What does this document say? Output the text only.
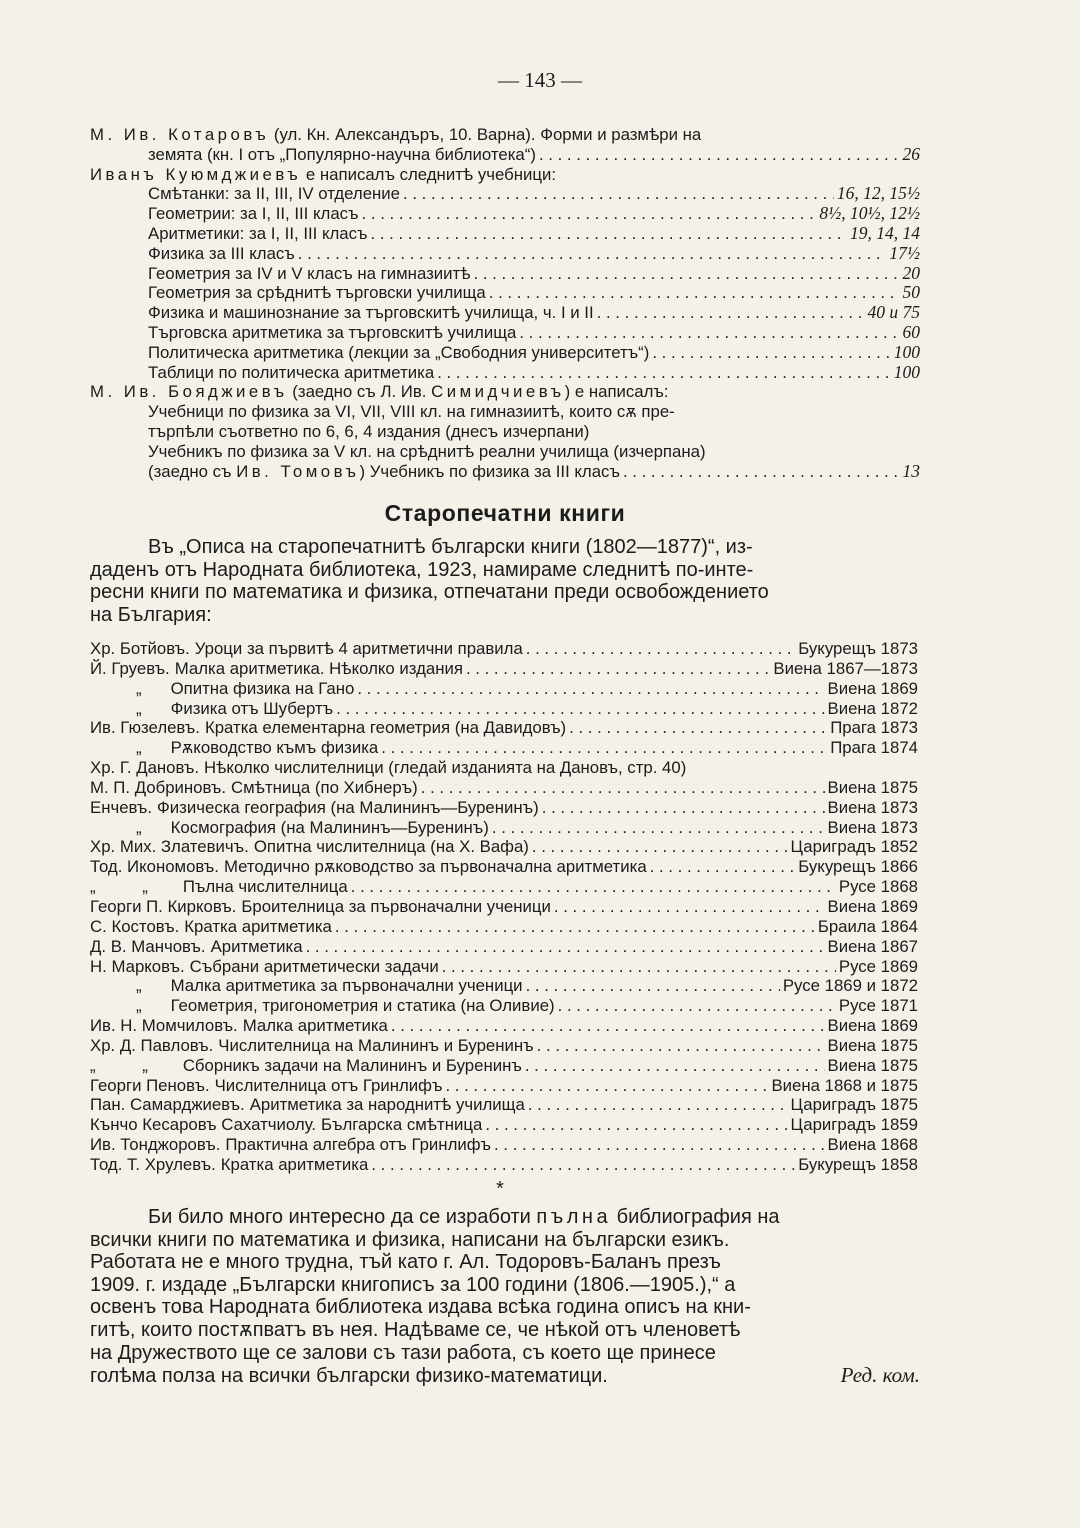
— 143 —
М. Ив. Котаровъ
(ул. Кн. Александъръ, 10. Варна). Форми и размѣри на
земята (кн. I отъ „Популярно-научна библиотека“) . . .	26
Иванъ Куюмджиевъ
е написалъ следнитѣ учебници:
Смѣтанки: за II, III, IV отделение . . .	16, 12, 15½
Геометрии: за I, II, III класъ . . .	8½, 10½, 12½
Аритметики: за I, II, III класъ . . .	19, 14, 14
Физика за III класъ . . .	17½
Геометрия за IV и V класъ на гимназиитѣ . . .	20
Геометрия за срѣднитѣ търговски училища . . .	50
Физика и машинознание за търговскитѣ училища, ч. I и II . . .	40 и 75
Търговска аритметика за търговскитѣ училища . . .	60
Политическа аритметика (лекции за „Свободния университетъ“) . . .	100
Таблици по политическа аритметика . . .	100
М. Ив. Бояджиевъ
(заедно съ Л. Ив.
Симидчиевъ ) е написалъ:
Учебници по физика за VI, VII, VIII кл. на гимназиитѣ, които сѫ пре-
търпѣли съответно по 6, 6, 4 издания (днесъ изчерпани)
Учебникъ по физика за V кл. на срѣднитѣ реални училища (изчерпана)
(заедно съ
Ив. Томовъ ) Учебникъ по физика за III класъ . . .	13
Старопечатни книги
Въ „Описа на старопечатнитѣ български книги (1802—1877)“, из-
даденъ отъ Народната библиотека, 1923, намираме следнитѣ по-инте-
ресни книги по математика и физика, отпечатани преди освобождението
на България:
Хр. Ботйовъ. Уроци за първитѣ 4 аритметични правила . . .	Букурещъ 1873
Й. Груевъ. Малка аритметика. Нѣколко издания . . .	Виена 1867—1873
„ Опитна физика на Гано . . .	Виена 1869
„ Физика отъ Шубертъ . . .	Виена 1872
Ив. Гюзелевъ. Кратка елементарна геометрия (на Давидовъ) . . .	Прага 1873
„ Рѫководство къмъ физика . . .	Прага 1874
Хр. Г. Дановъ. Нѣколко числителници (гледай изданията на Дановъ, стр. 40)
М. П. Добриновъ. Смѣтница (по Хибнеръ) . . .	Виена 1875
Енчевъ. Физическа география (на Малининъ—Буренинъ) . . .	Виена 1873
„ Космография (на Малининъ—Буренинъ) . . .	Виена 1873
Хр. Мих. Златевичъ. Опитна числителница (на Х. Вафа) . . .	Цариградъ 1852
Тод. Икономовъ. Методично рѫководство за първоначална аритметика . . .	Букурещъ 1866
„          „ Пълна числителница . . .	Русе 1868
Георги П. Кирковъ. Броителница за първоначални ученици . . .	Виена 1869
С. Костовъ. Кратка аритметика . . .	Браила 1864
Д. В. Манчовъ. Аритметика . . .	Виена 1867
Н. Марковъ. Събрани аритметически задачи . . .	Русе 1869
„ Малка аритметика за първоначални ученици . . .	Русе 1869 и 1872
„ Геометрия, тригонометрия и статика (на Оливие) . . .	Русе 1871
Ив. Н. Момчиловъ. Малка аритметика . . .	Виена 1869
Хр. Д. Павловъ. Числителница на Малининъ и Буренинъ . . .	Виена 1875
„          „ Сборникъ задачи на Малининъ и Буренинъ . . .	Виена 1875
Георги Пеновъ. Числителница отъ Гринлифъ . . .	Виена 1868 и 1875
Пан. Самарджиевъ. Аритметика за народнитѣ училища . . .	Цариградъ 1875
Кънчо Кесаровъ Сахатчиолу. Българска смѣтница . . .	Цариградъ 1859
Ив. Тонджоровъ. Практична алгебра отъ Гринлифъ . . .	Виена 1868
Тод. Т. Хрулевъ. Кратка аритметика . . .	Букурещъ 1858
*
Би било много интересно да се изработи пълна библиография на
всички книги по математика и физика, написани на български езикъ.
Работата не е много трудна, тъй като г. Ал. Тодоровъ-Баланъ презъ
1909. г. издаде „Български книгописъ за 100 години (1806.—1905.),“ а
освенъ това Народната библиотека издава всѣка година описъ на кни-
гитѣ, които постѫпватъ въ нея. Надѣваме се, че нѣкой отъ членоветѣ
на Дружеството ще се залови съ тази работа, съ което ще принесе
голѣма полза на всички български физико-математици.	Ред. ком.
